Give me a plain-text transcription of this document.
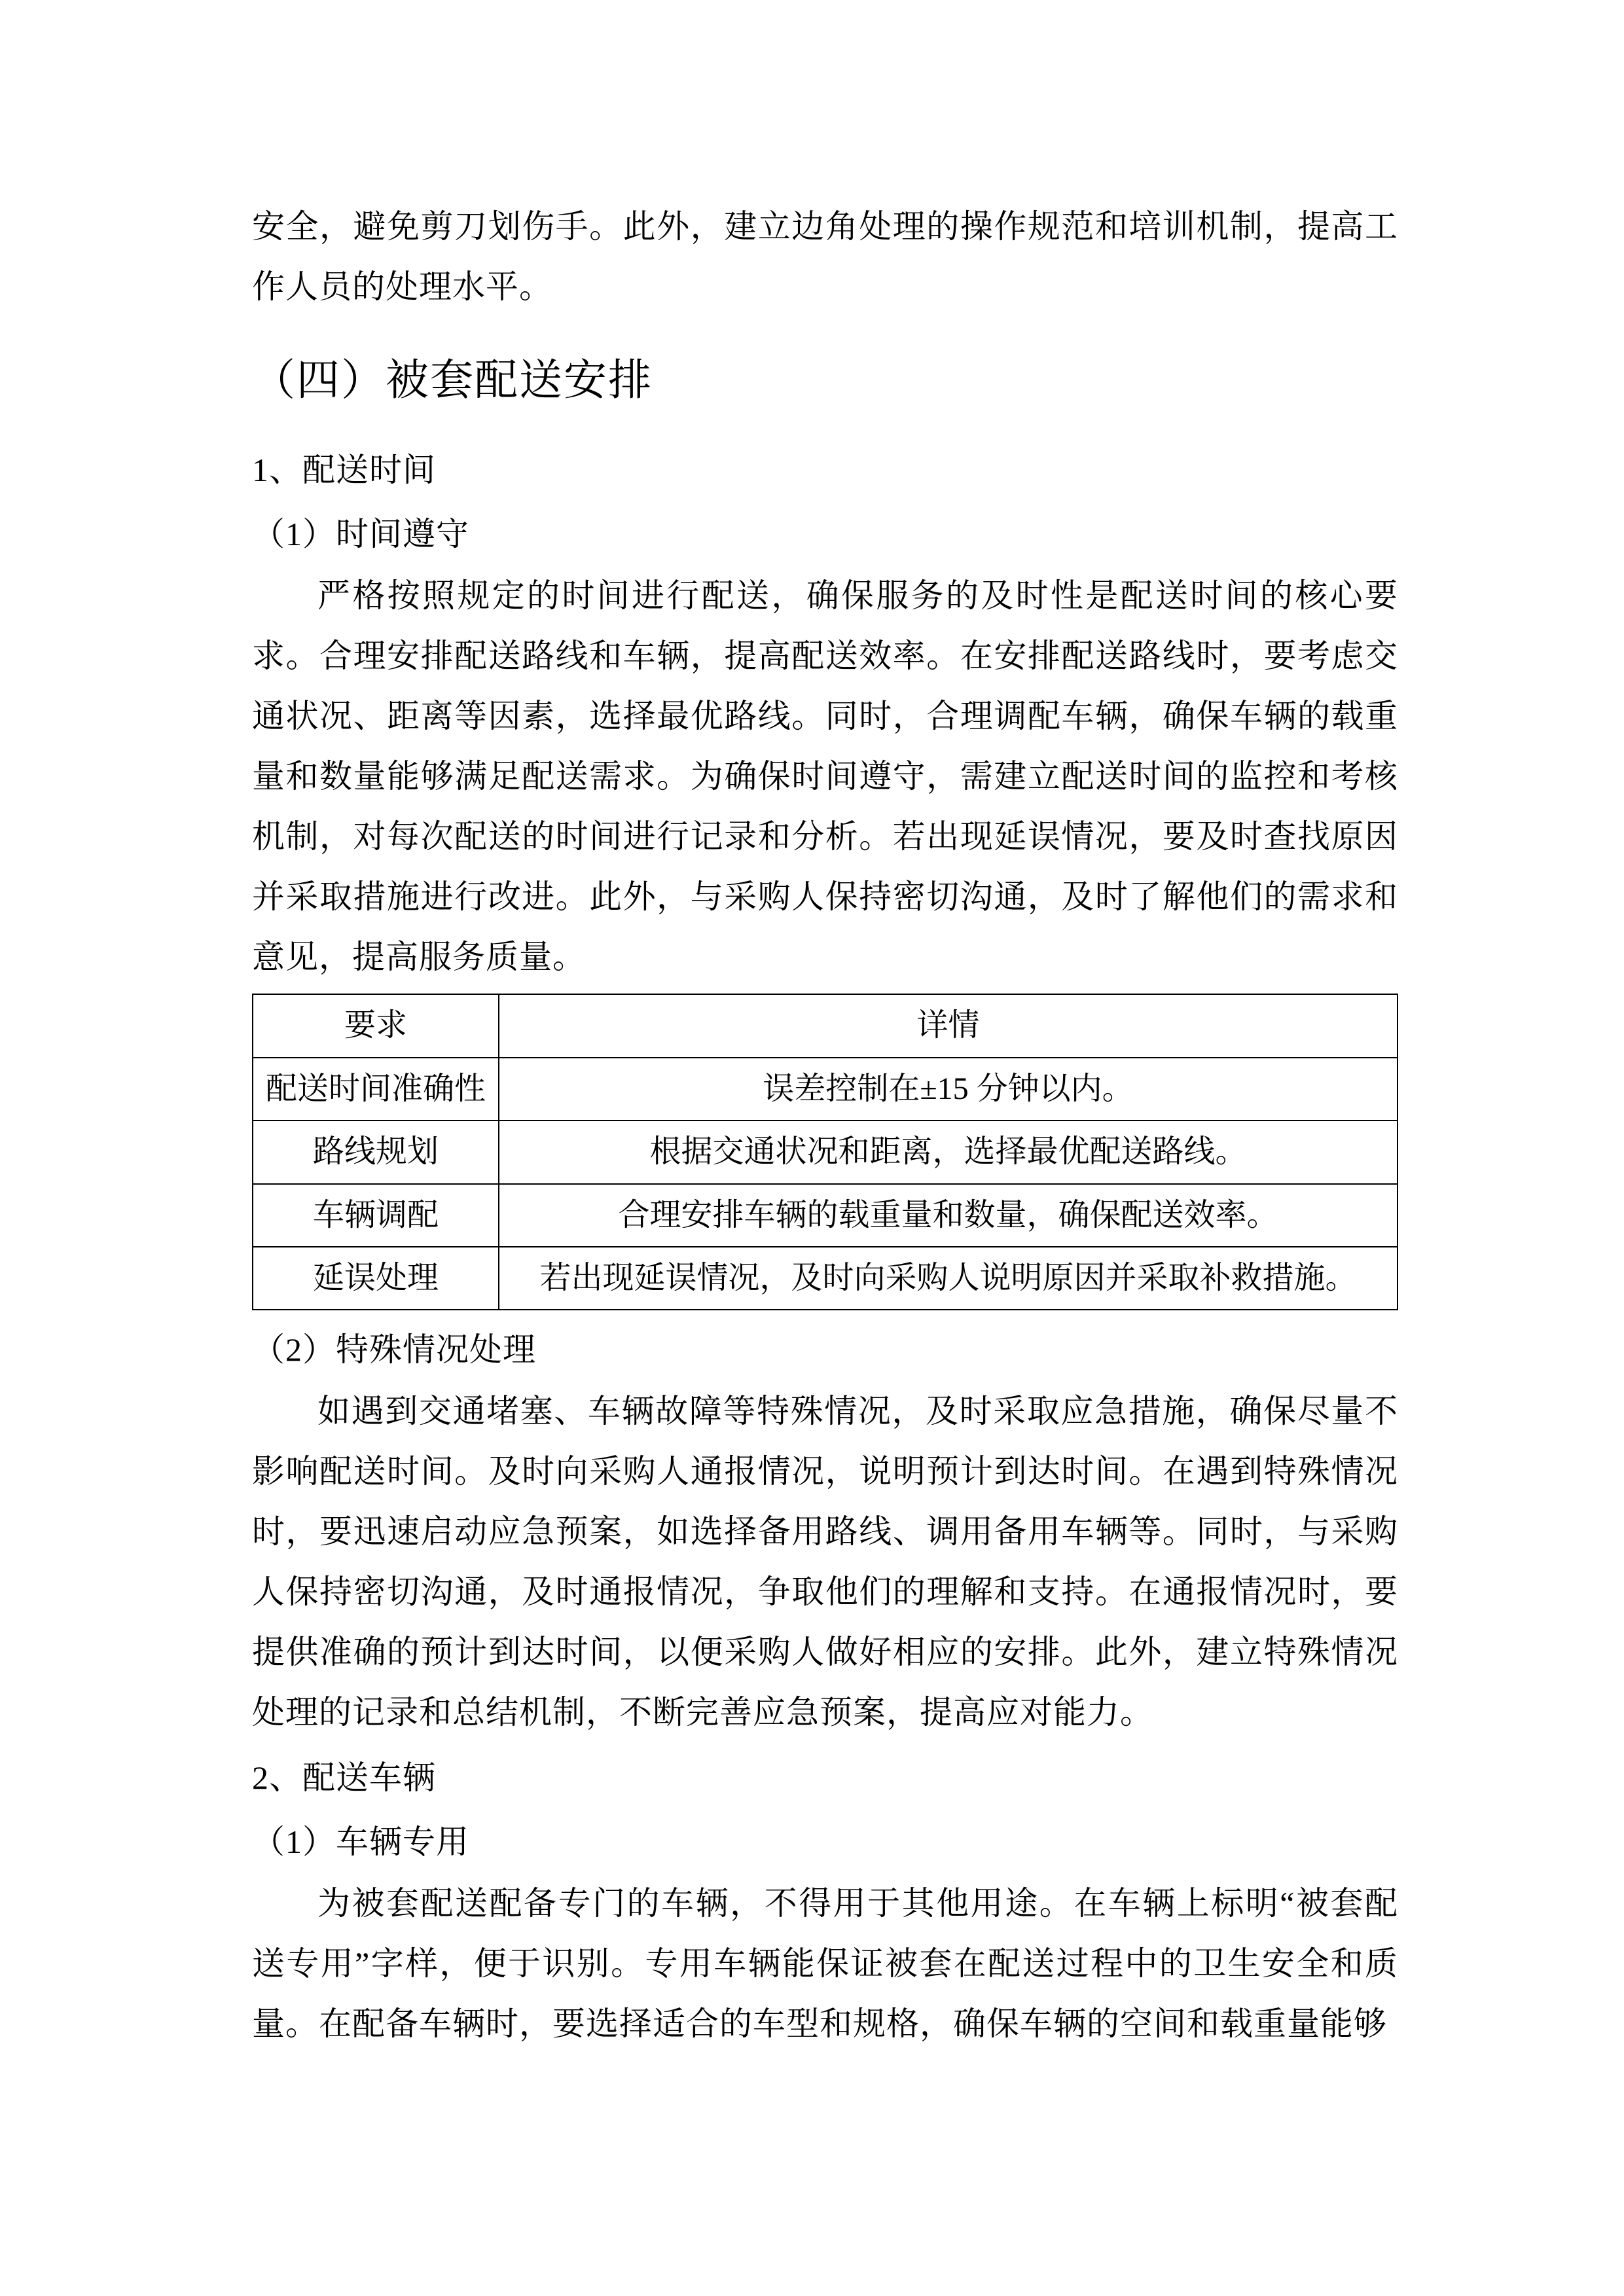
安全，避免剪刀划伤手。此外，建立边角处理的操作规范和培训机制，提高工作人员的处理水平。

（四）被套配送安排

1、配送时间

（1）时间遵守

严格按照规定的时间进行配送，确保服务的及时性是配送时间的核心要求。合理安排配送路线和车辆，提高配送效率。在安排配送路线时，要考虑交通状况、距离等因素，选择最优路线。同时，合理调配车辆，确保车辆的载重量和数量能够满足配送需求。为确保时间遵守，需建立配送时间的监控和考核机制，对每次配送的时间进行记录和分析。若出现延误情况，要及时查找原因并采取措施进行改进。此外，与采购人保持密切沟通，及时了解他们的需求和意见，提高服务质量。

要求	详情
配送时间准确性	误差控制在±15 分钟以内。
路线规划	根据交通状况和距离，选择最优配送路线。
车辆调配	合理安排车辆的载重量和数量，确保配送效率。
延误处理	若出现延误情况，及时向采购人说明原因并采取补救措施。

（2）特殊情况处理

如遇到交通堵塞、车辆故障等特殊情况，及时采取应急措施，确保尽量不影响配送时间。及时向采购人通报情况，说明预计到达时间。在遇到特殊情况时，要迅速启动应急预案，如选择备用路线、调用备用车辆等。同时，与采购人保持密切沟通，及时通报情况，争取他们的理解和支持。在通报情况时，要提供准确的预计到达时间，以便采购人做好相应的安排。此外，建立特殊情况处理的记录和总结机制，不断完善应急预案，提高应对能力。

2、配送车辆

（1）车辆专用

为被套配送配备专门的车辆，不得用于其他用途。在车辆上标明“被套配送专用”字样，便于识别。专用车辆能保证被套在配送过程中的卫生安全和质量。在配备车辆时，要选择适合的车型和规格，确保车辆的空间和载重量能够
